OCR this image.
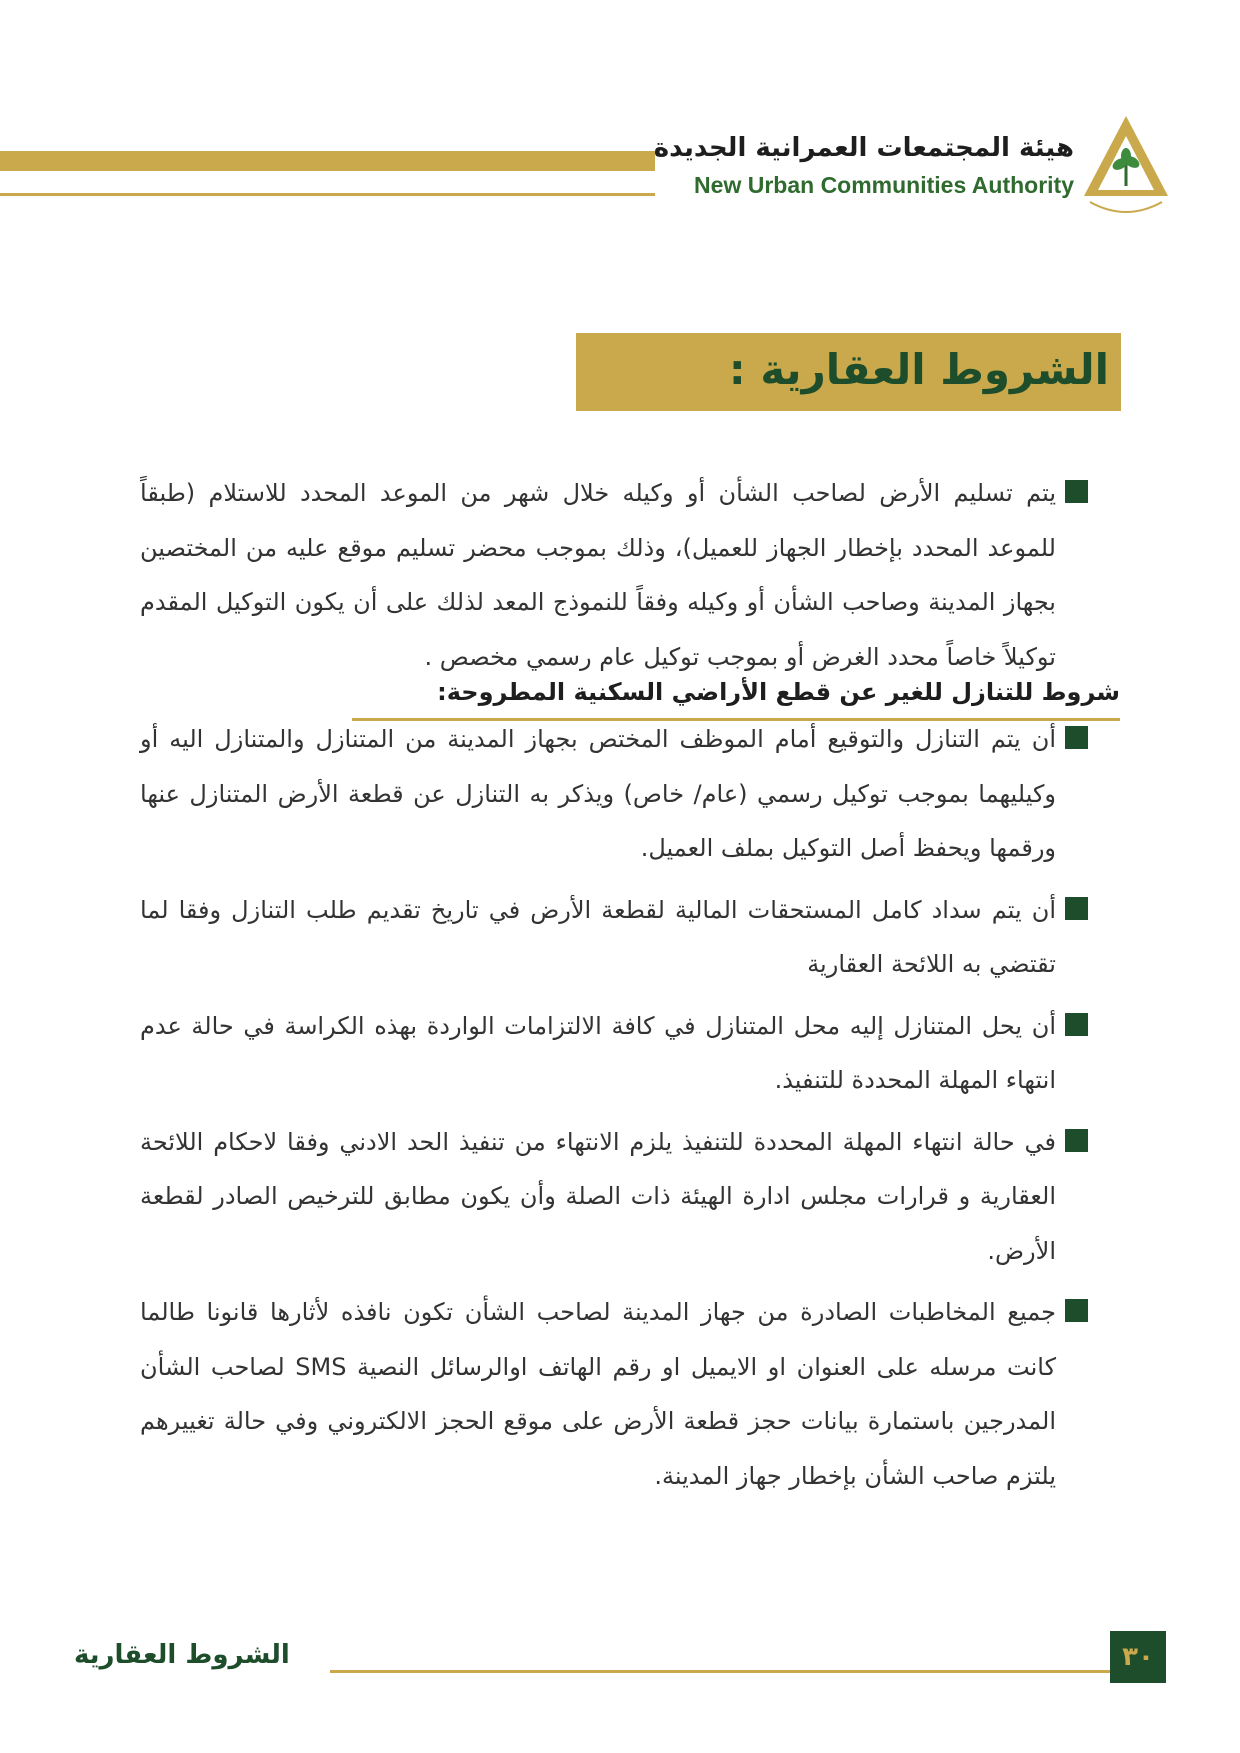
هيئة المجتمعات العمرانية الجديدة
New Urban Communities Authority
الشروط العقارية :

يتم تسليم الأرض لصاحب الشأن أو وكيله خلال شهر من الموعد المحدد للاستلام (طبقاً للموعد المحدد بإخطار الجهاز للعميل)، وذلك بموجب محضر تسليم موقع عليه من المختصين بجهاز المدينة وصاحب الشأن أو وكيله وفقاً للنموذج المعد لذلك على أن يكون التوكيل المقدم توكيلاً خاصاً محدد الغرض أو بموجب توكيل عام رسمي مخصص .

شروط للتنازل للغير عن قطع الأراضي السكنية المطروحة:

أن يتم التنازل والتوقيع أمام الموظف المختص بجهاز المدينة من المتنازل والمتنازل اليه أو وكيليهما بموجب توكيل رسمي (عام/ خاص) ويذكر به التنازل عن قطعة الأرض المتنازل عنها ورقمها ويحفظ أصل التوكيل بملف العميل.

أن يتم سداد كامل المستحقات المالية لقطعة الأرض في تاريخ تقديم طلب التنازل وفقا لما تقتضي به اللائحة العقارية

أن يحل المتنازل إليه محل المتنازل في كافة الالتزامات الواردة بهذه الكراسة في حالة عدم انتهاء المهلة المحددة للتنفيذ.

في حالة انتهاء المهلة المحددة للتنفيذ يلزم الانتهاء من تنفيذ الحد الادني وفقا لاحكام اللائحة العقارية و قرارات مجلس ادارة الهيئة ذات الصلة وأن يكون مطابق للترخيص الصادر لقطعة الأرض.

جميع المخاطبات الصادرة من جهاز المدينة لصاحب الشأن تكون نافذه لأثارها قانونا طالما كانت مرسله على العنوان او الايميل او رقم الهاتف اوالرسائل النصية SMS لصاحب الشأن المدرجين باستمارة بيانات حجز قطعة الأرض على موقع الحجز الالكتروني وفي حالة تغييرهم يلتزم صاحب الشأن بإخطار جهاز المدينة.

الشروط العقارية	٣٠
